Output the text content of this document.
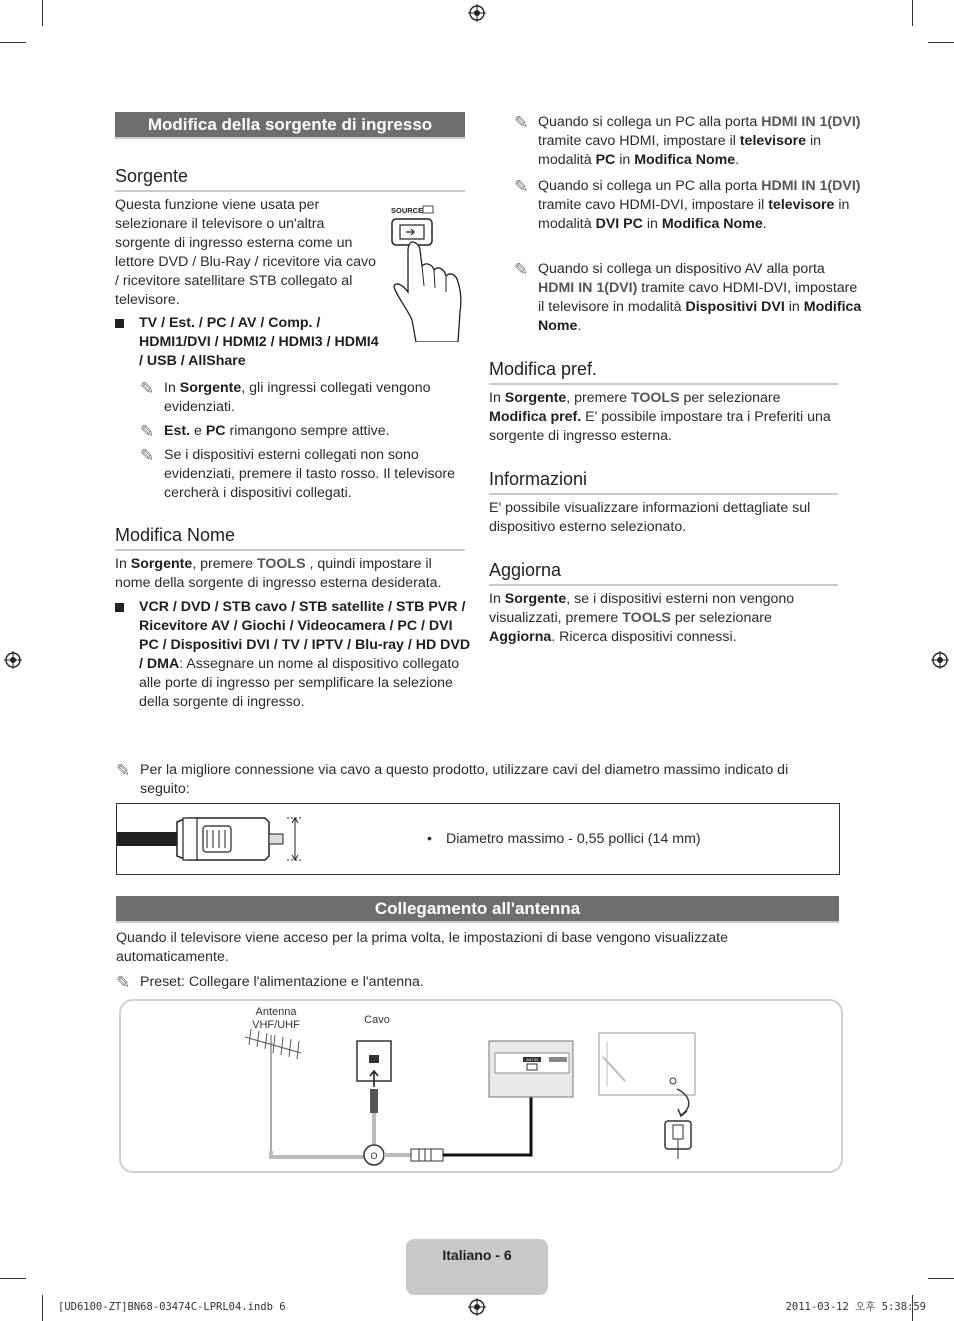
Modifica della sorgente di ingresso
Sorgente
Questa funzione viene usata per selezionare il televisore o un'altra sorgente di ingresso esterna come un lettore DVD / Blu-Ray / ricevitore via cavo / ricevitore satellitare STB collegato al televisore.
SOURCE
TV / Est. / PC / AV / Comp. / HDMI1/DVI / HDMI2 / HDMI3 / HDMI4 / USB / AllShare
✎ In Sorgente, gli ingressi collegati vengono evidenziati.
✎ Est. e PC rimangono sempre attive.
✎ Se i dispositivi esterni collegati non sono evidenziati, premere il tasto rosso. Il televisore cercherà i dispositivi collegati.
Modifica Nome
In Sorgente, premere TOOLS , quindi impostare il nome della sorgente di ingresso esterna desiderata.
VCR / DVD / STB cavo / STB satellite / STB PVR / Ricevitore AV / Giochi / Videocamera / PC / DVI PC / Dispositivi DVI / TV / IPTV / Blu-ray / HD DVD / DMA: Assegnare un nome al dispositivo collegato alle porte di ingresso per semplificare la selezione della sorgente di ingresso.
✎ Quando si collega un PC alla porta HDMI IN 1(DVI) tramite cavo HDMI, impostare il televisore in modalità PC in Modifica Nome.
✎ Quando si collega un PC alla porta HDMI IN 1(DVI) tramite cavo HDMI-DVI, impostare il televisore in modalità DVI PC in Modifica Nome.
✎ Quando si collega un dispositivo AV alla porta HDMI IN 1(DVI) tramite cavo HDMI-DVI, impostare il televisore in modalità Dispositivi DVI in Modifica Nome.
Modifica pref.
In Sorgente, premere TOOLS per selezionare Modifica pref. E' possibile impostare tra i Preferiti una sorgente di ingresso esterna.
Informazioni
E' possibile visualizzare informazioni dettagliate sul dispositivo esterno selezionato.
Aggiorna
In Sorgente, se i dispositivi esterni non vengono visualizzati, premere TOOLS per selezionare Aggiorna. Ricerca dispositivi connessi.
✎ Per la migliore connessione via cavo a questo prodotto, utilizzare cavi del diametro massimo indicato di seguito:
• Diametro massimo - 0,55 pollici (14 mm)
Collegamento all'antenna
Quando il televisore viene acceso per la prima volta, le impostazioni di base vengono visualizzate automaticamente.
✎ Preset: Collegare l'alimentazione e l'antenna.
Antenna
VHF/UHF	Cavo
O
ANT IN
Italiano - 6
[UD6100-ZT]BN68-03474C-LPRL04.indb 6	2011-03-12 오후 5:38:59
